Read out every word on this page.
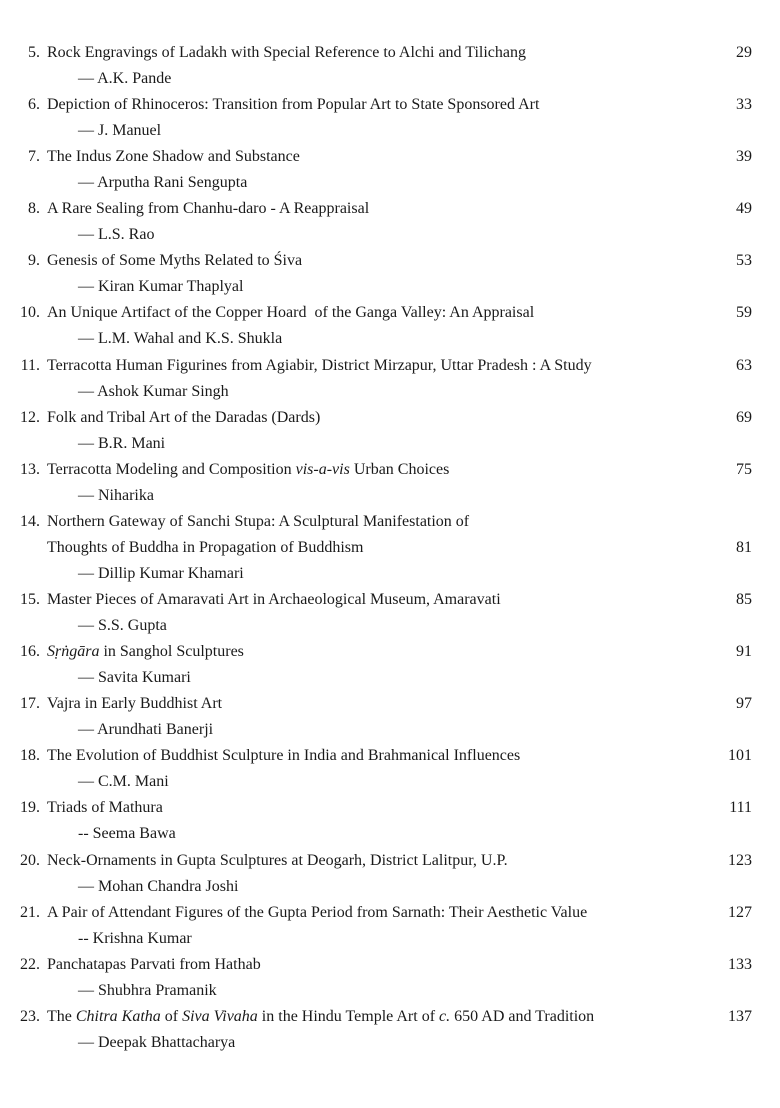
5. Rock Engravings of Ladakh with Special Reference to Alchi and Tilichang	29
— A.K. Pande
6. Depiction of Rhinoceros: Transition from Popular Art to State Sponsored Art	33
— J. Manuel
7. The Indus Zone Shadow and Substance	39
— Arputha Rani Sengupta
8. A Rare Sealing from Chanhu-daro - A Reappraisal	49
— L.S. Rao
9. Genesis of Some Myths Related to Śiva	53
— Kiran Kumar Thaplyal
10. An Unique Artifact of the Copper Hoard  of the Ganga Valley: An Appraisal	59
— L.M. Wahal and K.S. Shukla
11. Terracotta Human Figurines from Agiabir, District Mirzapur, Uttar Pradesh : A Study	63
— Ashok Kumar Singh
12. Folk and Tribal Art of the Daradas (Dards)	69
— B.R. Mani
13. Terracotta Modeling and Composition vis-a-vis Urban Choices	75
— Niharika
14. Northern Gateway of Sanchi Stupa: A Sculptural Manifestation of
Thoughts of Buddha in Propagation of Buddhism	81
— Dillip Kumar Khamari
15. Master Pieces of Amaravati Art in Archaeological Museum, Amaravati	85
— S.S. Gupta
16. Sṛṅgāra in Sanghol Sculptures	91
— Savita Kumari
17. Vajra in Early Buddhist Art	97
— Arundhati Banerji
18. The Evolution of Buddhist Sculpture in India and Brahmanical Influences	101
— C.M. Mani
19. Triads of Mathura	111
-- Seema Bawa
20. Neck-Ornaments in Gupta Sculptures at Deogarh, District Lalitpur, U.P.	123
— Mohan Chandra Joshi
21. A Pair of Attendant Figures of the Gupta Period from Sarnath: Their Aesthetic Value	127
-- Krishna Kumar
22. Panchatapas Parvati from Hathab	133
— Shubhra Pramanik
23. The Chitra Katha of Siva Vivaha in the Hindu Temple Art of c. 650 AD and Tradition	137
— Deepak Bhattacharya
